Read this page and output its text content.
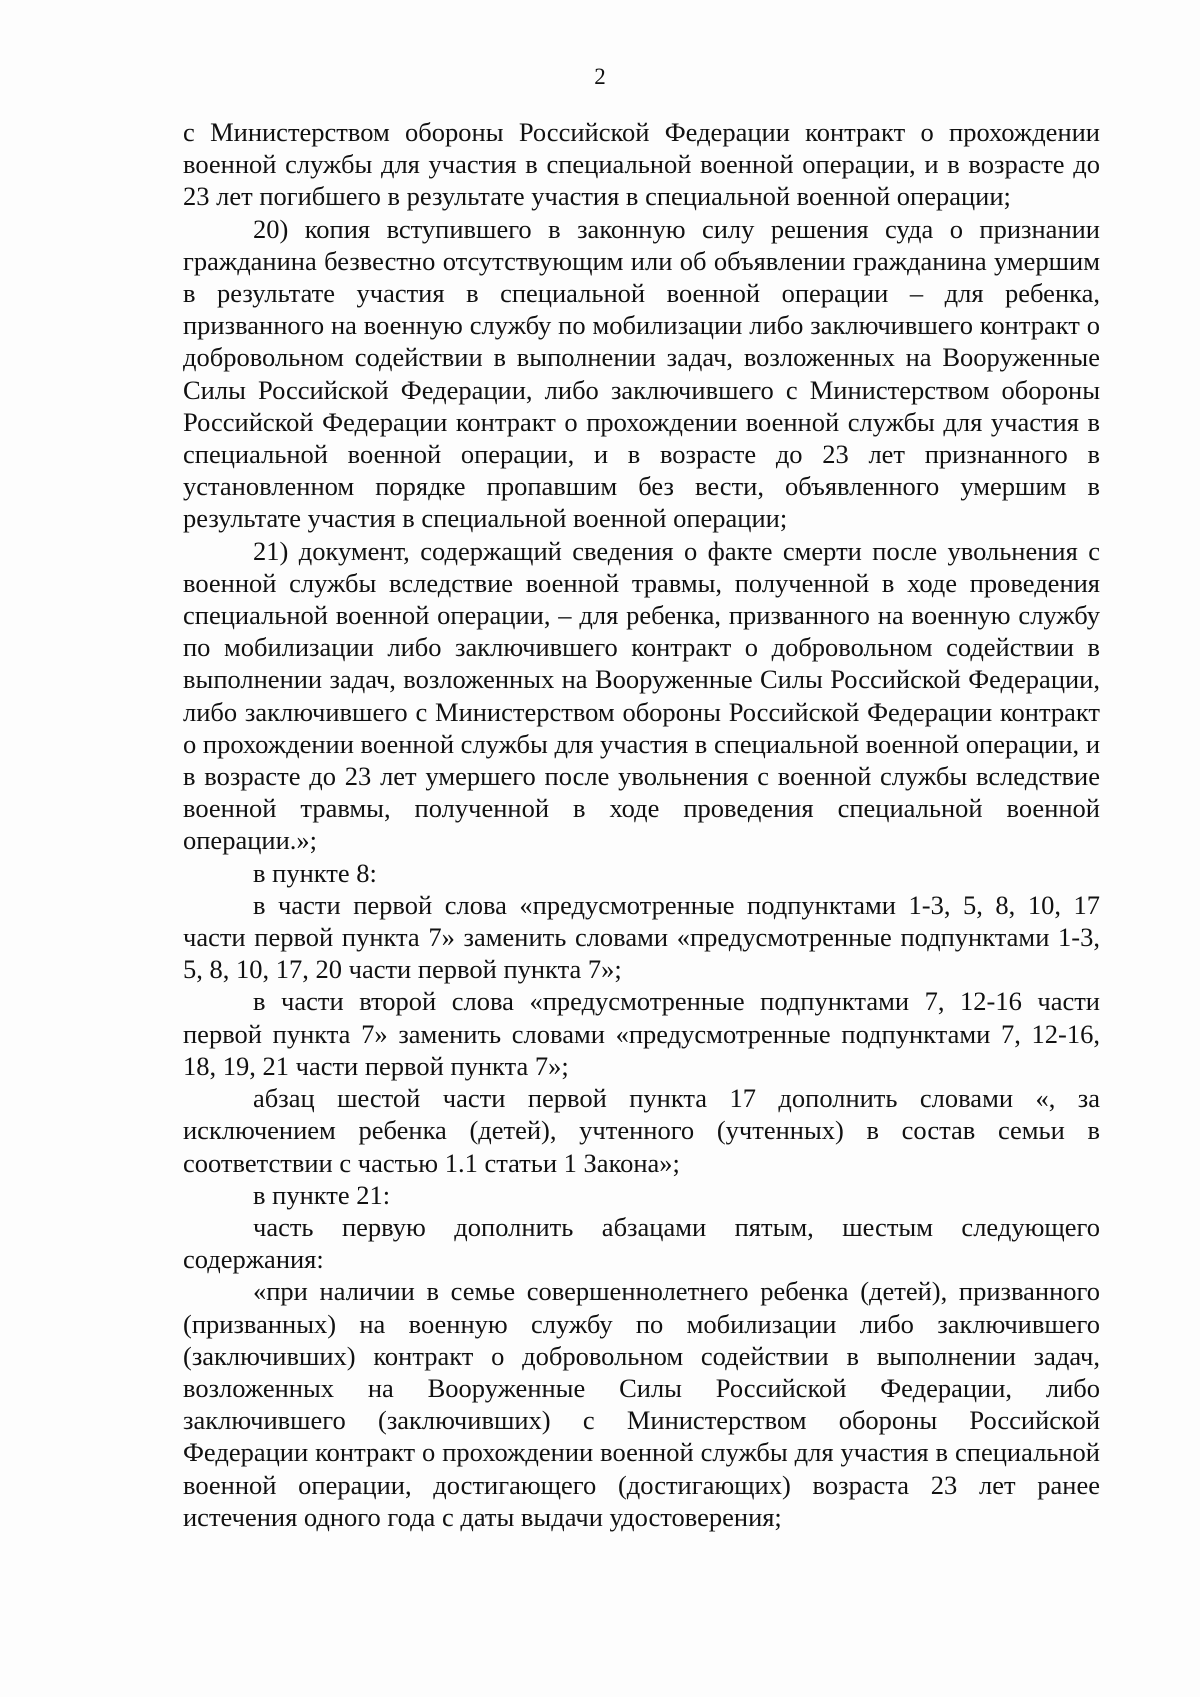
2

с Министерством обороны Российской Федерации контракт о прохождении военной службы для участия в специальной военной операции, и в возрасте до 23 лет погибшего в результате участия в специальной военной операции;

20) копия вступившего в законную силу решения суда о признании гражданина безвестно отсутствующим или об объявлении гражданина умершим в результате участия в специальной военной операции – для ребенка, призванного на военную службу по мобилизации либо заключившего контракт о добровольном содействии в выполнении задач, возложенных на Вооруженные Силы Российской Федерации, либо заключившего с Министерством обороны Российской Федерации контракт о прохождении военной службы для участия в специальной военной операции, и в возрасте до 23 лет признанного в установленном порядке пропавшим без вести, объявленного умершим в результате участия в специальной военной операции;

21) документ, содержащий сведения о факте смерти после увольнения с военной службы вследствие военной травмы, полученной в ходе проведения специальной военной операции, – для ребенка, призванного на военную службу по мобилизации либо заключившего контракт о добровольном содействии в выполнении задач, возложенных на Вооруженные Силы Российской Федерации, либо заключившего с Министерством обороны Российской Федерации контракт о прохождении военной службы для участия в специальной военной операции, и в возрасте до 23 лет умершего после увольнения с военной службы вследствие военной травмы, полученной в ходе проведения специальной военной операции.»;

в пункте 8:

в части первой слова «предусмотренные подпунктами 1-3, 5, 8, 10, 17 части первой пункта 7» заменить словами «предусмотренные подпунктами 1-3, 5, 8, 10, 17, 20 части первой пункта 7»;

в части второй слова «предусмотренные подпунктами 7, 12-16 части первой пункта 7» заменить словами «предусмотренные подпунктами 7, 12-16, 18, 19, 21 части первой пункта 7»;

абзац шестой части первой пункта 17 дополнить словами «, за исключением ребенка (детей), учтенного (учтенных) в состав семьи в соответствии с частью 1.1 статьи 1 Закона»;

в пункте 21:

часть первую дополнить абзацами пятым, шестым следующего содержания:

«при наличии в семье совершеннолетнего ребенка (детей), призванного (призванных) на военную службу по мобилизации либо заключившего (заключивших) контракт о добровольном содействии в выполнении задач, возложенных на Вооруженные Силы Российской Федерации, либо заключившего (заключивших) с Министерством обороны Российской Федерации контракт о прохождении военной службы для участия в специальной военной операции, достигающего (достигающих) возраста 23 лет ранее истечения одного года с даты выдачи удостоверения;
